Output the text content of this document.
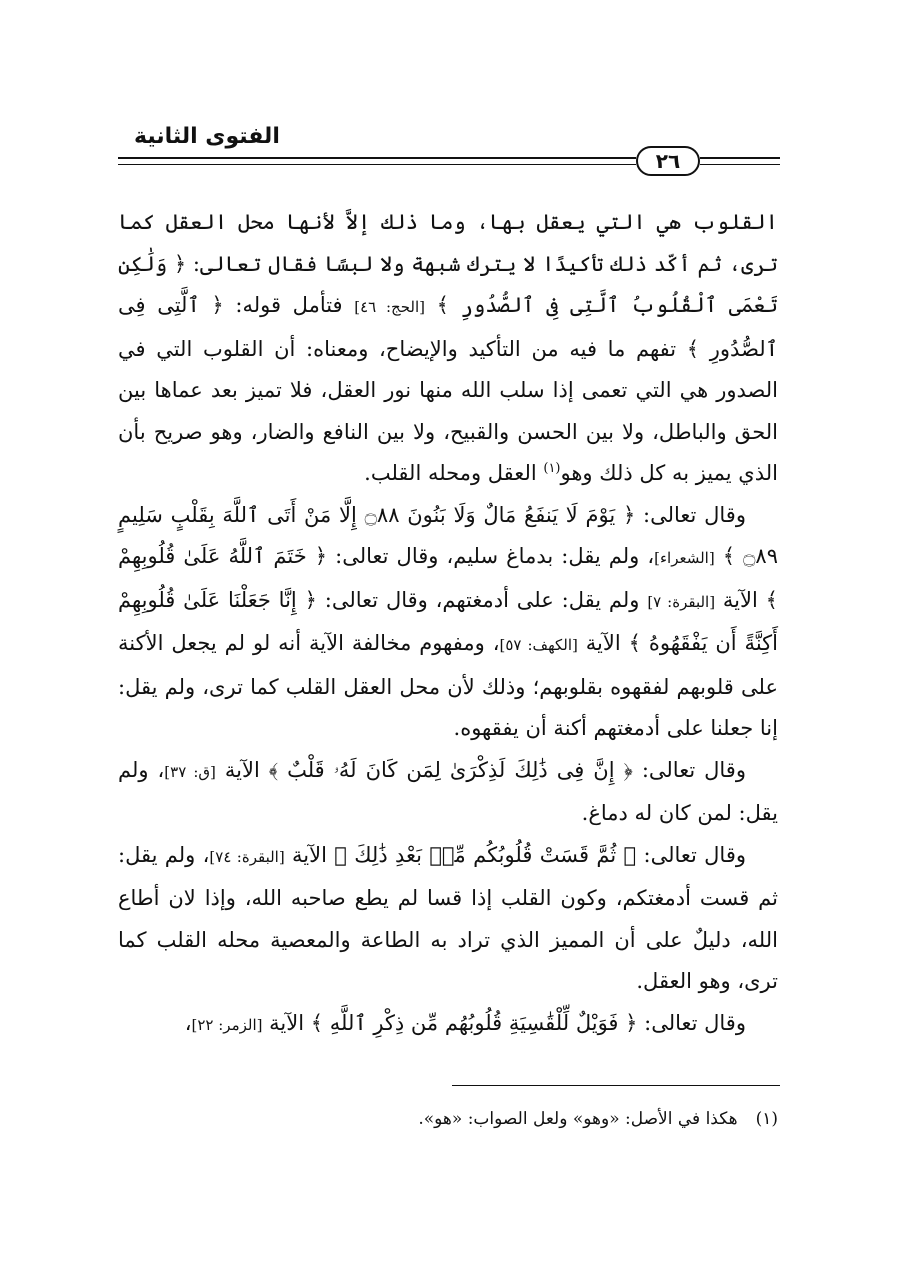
الفتوى الثانية
٢٦

القلوب هي التي يعقل بها، وما ذلك إلاَّ لأنها محل العقل كما ترى، ثم أكّد ذلك تأكيدًا لا يترك شبهة ولا لبسًا فقال تعالى: ﴿ وَلَٰكِن تَعْمَى ٱلْقُلُوبُ ٱلَّتِى فِى ٱلصُّدُورِ ﴾ [الحج: ٤٦] فتأمل قوله: ﴿ ٱلَّتِى فِى ٱلصُّدُورِ ﴾ تفهم ما فيه من التأكيد والإيضاح، ومعناه: أن القلوب التي في الصدور هي التي تعمى إذا سلب الله منها نور العقل، فلا تميز بعد عماها بين الحق والباطل، ولا بين الحسن والقبيح، ولا بين النافع والضار، وهو صريح بأن الذي يميز به كل ذلك وهو$^{(١)}$ العقل ومحله القلب.

وقال تعالى: ﴿ يَوْمَ لَا يَنفَعُ مَالٌ وَلَا بَنُونَ ۝٨٨ إِلَّا مَنْ أَتَى ٱللَّهَ بِقَلْبٍ سَلِيمٍ ۝٨٩ ﴾ [الشعراء]، ولم يقل: بدماغ سليم، وقال تعالى: ﴿ خَتَمَ ٱللَّهُ عَلَىٰ قُلُوبِهِمْ ﴾ الآية [البقرة: ٧] ولم يقل: على أدمغتهم، وقال تعالى: ﴿ إِنَّا جَعَلْنَا عَلَىٰ قُلُوبِهِمْ أَكِنَّةً أَن يَفْقَهُوهُ ﴾ الآية [الكهف: ٥٧]، ومفهوم مخالفة الآية أنه لو لم يجعل الأكنة على قلوبهم لفقهوه بقلوبهم؛ وذلك لأن محل العقل القلب كما ترى، ولم يقل: إنا جعلنا على أدمغتهم أكنة أن يفقهوه.

وقال تعالى: ﴿ إِنَّ فِى ذَٰلِكَ لَذِكْرَىٰ لِمَن كَانَ لَهُۥ قَلْبٌ ﴾ الآية [ق: ٣٧]، ولم يقل: لمن كان له دماغ.

وقال تعالى: ﴿ ثُمَّ قَسَتْ قُلُوبُكُم مِّنۢ بَعْدِ ذَٰلِكَ ﴾ الآية [البقرة: ٧٤]، ولم يقل: ثم قست أدمغتكم، وكون القلب إذا قسا لم يطع صاحبه الله، وإذا لان أطاع الله، دليلٌ على أن المميز الذي تراد به الطاعة والمعصية محله القلب كما ترى، وهو العقل.

وقال تعالى: ﴿ فَوَيْلٌ لِّلْقَٰسِيَةِ قُلُوبُهُم مِّن ذِكْرِ ٱللَّهِ ﴾ الآية [الزمر: ٢٢]،

(١)هكذا في الأصل: «وهو» ولعل الصواب: «هو».
